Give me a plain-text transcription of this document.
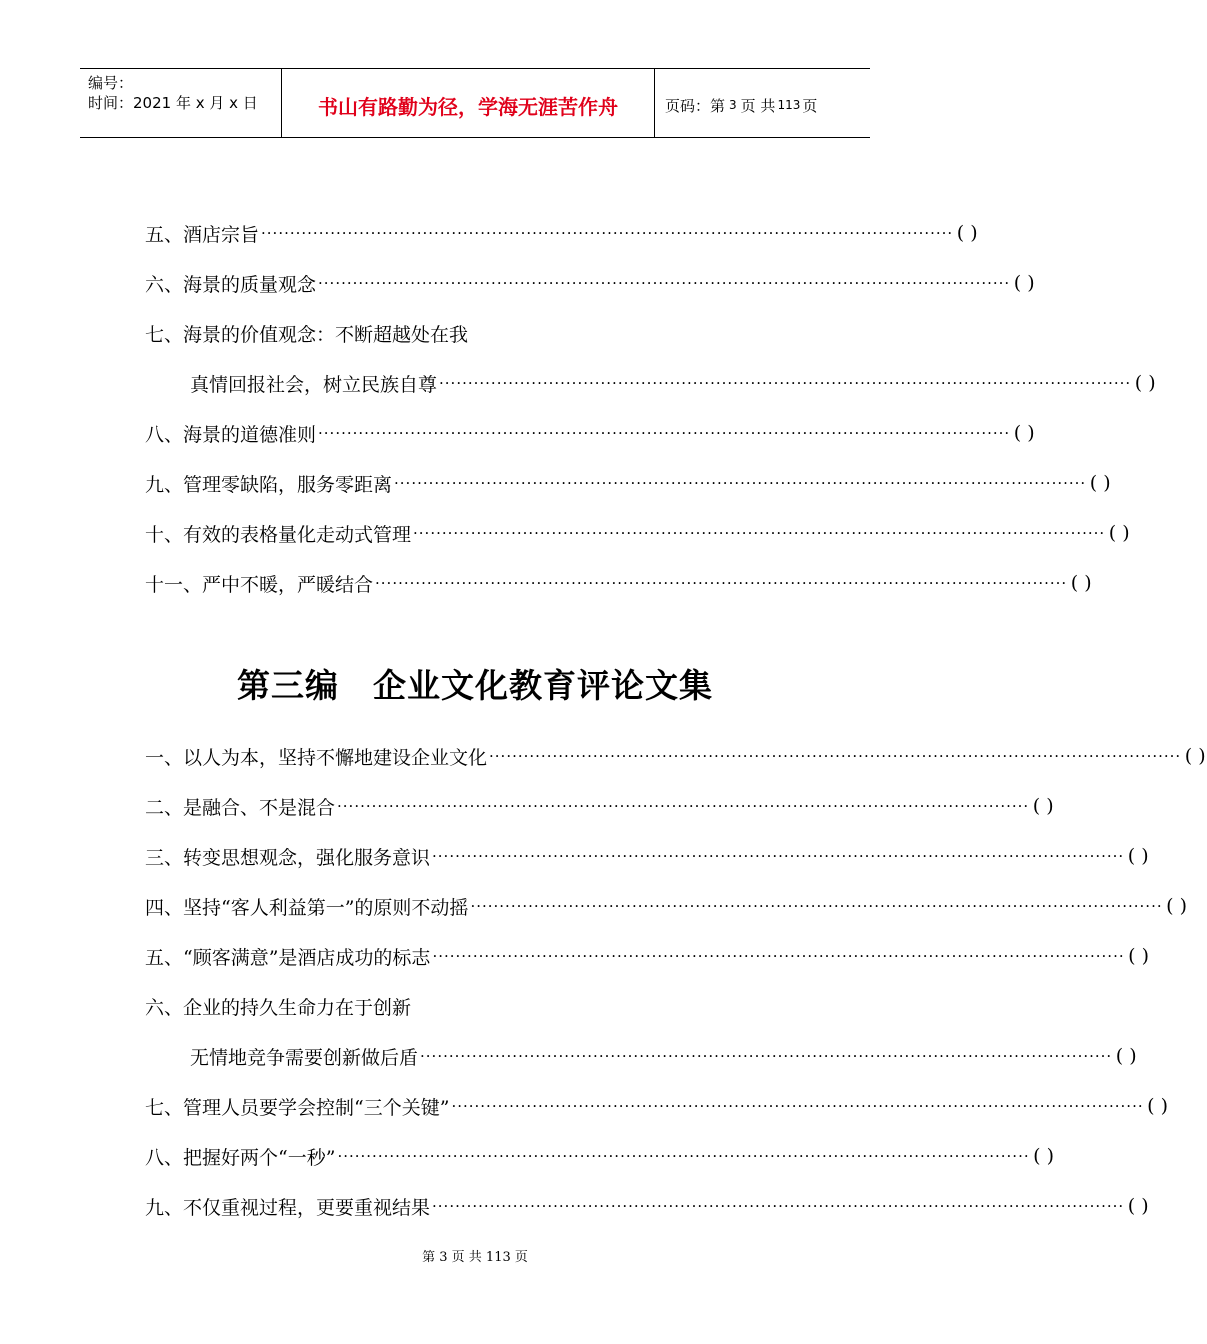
编号：
时间：2021 年 x 月 x 日	书山有路勤为径，学海无涯苦作舟	页码：第 3 页 共 113 页
五、酒店宗旨 ························································································································ ( )
六、海景的质量观念 ························································································································ ( )
七、海景的价值观念：不断超越处在我
真情回报社会，树立民族自尊 ························································································································ ( )
八、海景的道德准则 ························································································································ ( )
九、管理零缺陷，服务零距离 ························································································································ ( )
十、有效的表格量化走动式管理 ························································································································ ( )
十一、严中不暖，严暖结合 ························································································································ ( )
第三编　企业文化教育评论文集
一、以人为本，坚持不懈地建设企业文化 ························································································································ ( )
二、是融合、不是混合 ························································································································ ( )
三、转变思想观念，强化服务意识 ························································································································ ( )
四、坚持“客人利益第一”的原则不动摇 ························································································································ ( )
五、“顾客满意”是酒店成功的标志 ························································································································ ( )
六、企业的持久生命力在于创新
无情地竞争需要创新做后盾 ························································································································ ( )
七、管理人员要学会控制“三个关键” ························································································································ ( )
八、把握好两个“一秒” ························································································································ ( )
九、不仅重视过程，更要重视结果 ························································································································ ( )
第 3 页 共 113 页
